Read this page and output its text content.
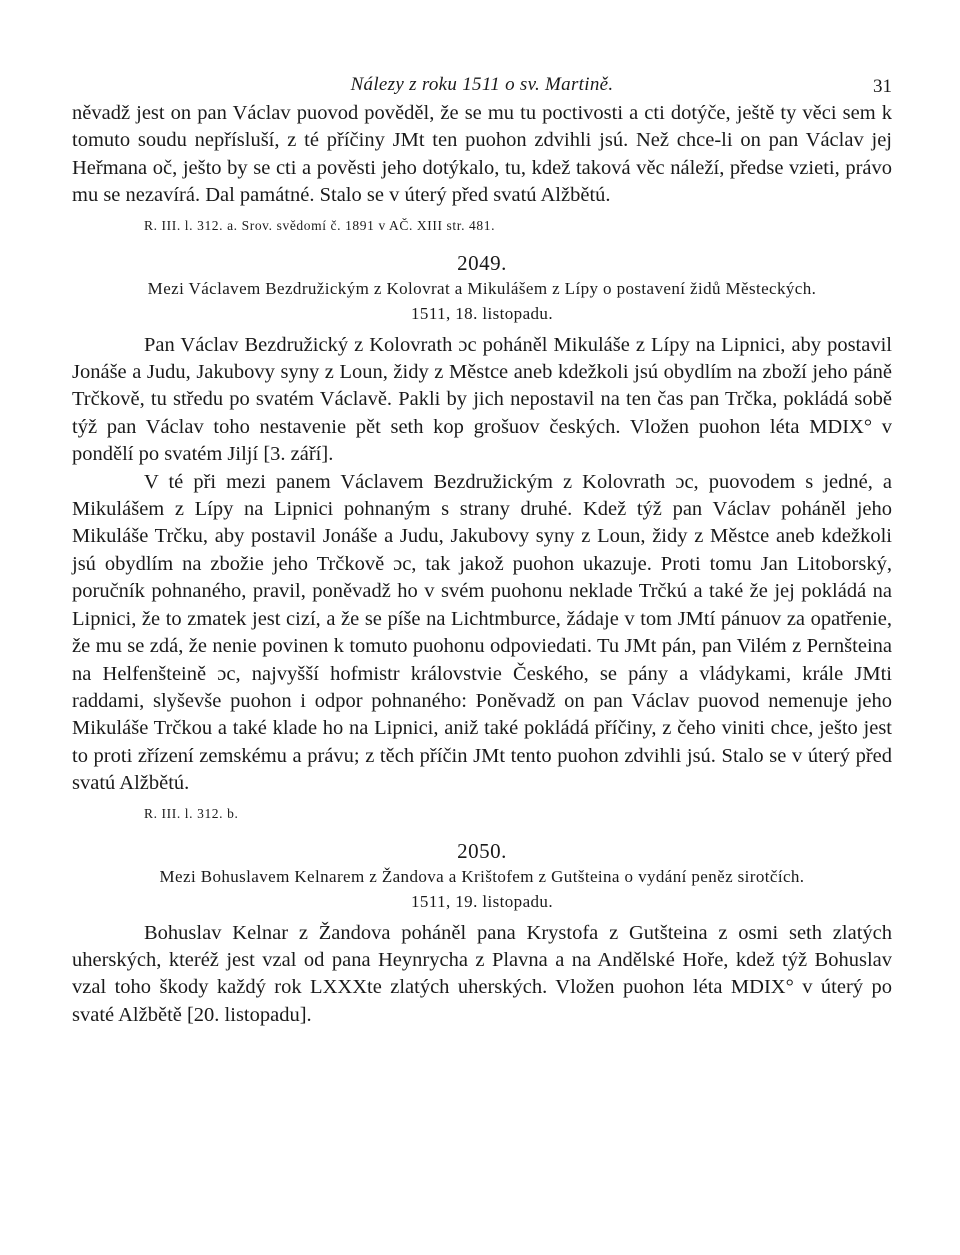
Nálezy z roku 1511 o sv. Martině.	31

něvadž jest on pan Václav puovod pověděl, že se mu tu poctivosti a cti dotýče, ještě ty věci sem k tomuto soudu nepřísluší, z té příčiny JMt ten puohon zdvihli jsú. Než chce-li on pan Václav jej Heřmana oč, ješto by se cti a pověsti jeho dotýkalo, tu, kdež taková věc náleží, předse vzieti, právo mu se nezavírá. Dal památné. Stalo se v úterý před svatú Alžbětú.

R. III. l. 312. a. Srov. svědomí č. 1891 v AČ. XIII str. 481.
2049.
Mezi Václavem Bezdružickým z Kolovrat a Mikulášem z Lípy o postavení židů Městeckých.
1511, 18. listopadu.

Pan Václav Bezdružický z Kolovrath ɔc poháněl Mikuláše z Lípy na Lipnici, aby postavil Jonáše a Judu, Jakubovy syny z Loun, židy z Městce aneb kdežkoli jsú obydlím na zboží jeho páně Trčkově, tu středu po svatém Václavě. Pakli by jich nepostavil na ten čas pan Trčka, pokládá sobě týž pan Václav toho nestavenie pět seth kop grošuov českých. Vložen puohon léta MDIX° v pondělí po svatém Jiljí [3. září].

V té při mezi panem Václavem Bezdružickým z Kolovrath ɔc, puovodem s jedné, a Mikulášem z Lípy na Lipnici pohnaným s strany druhé. Kdež týž pan Václav poháněl jeho Mikuláše Trčku, aby postavil Jonáše a Judu, Jakubovy syny z Loun, židy z Městce aneb kdežkoli jsú obydlím na zbožie jeho Trčkově ɔc, tak jakož puohon ukazuje. Proti tomu Jan Litoborský, poručník pohnaného, pravil, poněvadž ho v svém puohonu neklade Trčkú a také že jej pokládá na Lipnici, že to zmatek jest cizí, a že se píše na Lichtmburce, žádaje v tom JMtí pánuov za opatřenie, že mu se zdá, že nenie povinen k tomuto puohonu odpoviedati. Tu JMt pán, pan Vilém z Pernšteina na Helfenšteině ɔc, najvyšší hofmistr královstvie Českého, se pány a vládykami, krále JMti raddami, slyševše puohon i odpor pohnaného: Poněvadž on pan Václav puovod nemenuje jeho Mikuláše Trčkou a také klade ho na Lipnici, aniž také pokládá příčiny, z čeho viniti chce, ješto jest to proti zřízení zemskému a právu; z těch příčin JMt tento puohon zdvihli jsú. Stalo se v úterý před svatú Alžbětú.

R. III. l. 312. b.
2050.
Mezi Bohuslavem Kelnarem z Žandova a Krištofem z Gutšteina o vydání peněz sirotčích.
1511, 19. listopadu.

Bohuslav Kelnar z Žandova poháněl pana Krystofa z Gutšteina z osmi seth zlatých uherských, kteréž jest vzal od pana Heynrycha z Plavna a na Andělské Hoře, kdež týž Bohuslav vzal toho škody každý rok LXXXte zlatých uherských. Vložen puohon léta MDIX° v úterý po svaté Alžbětě [20. listopadu].
